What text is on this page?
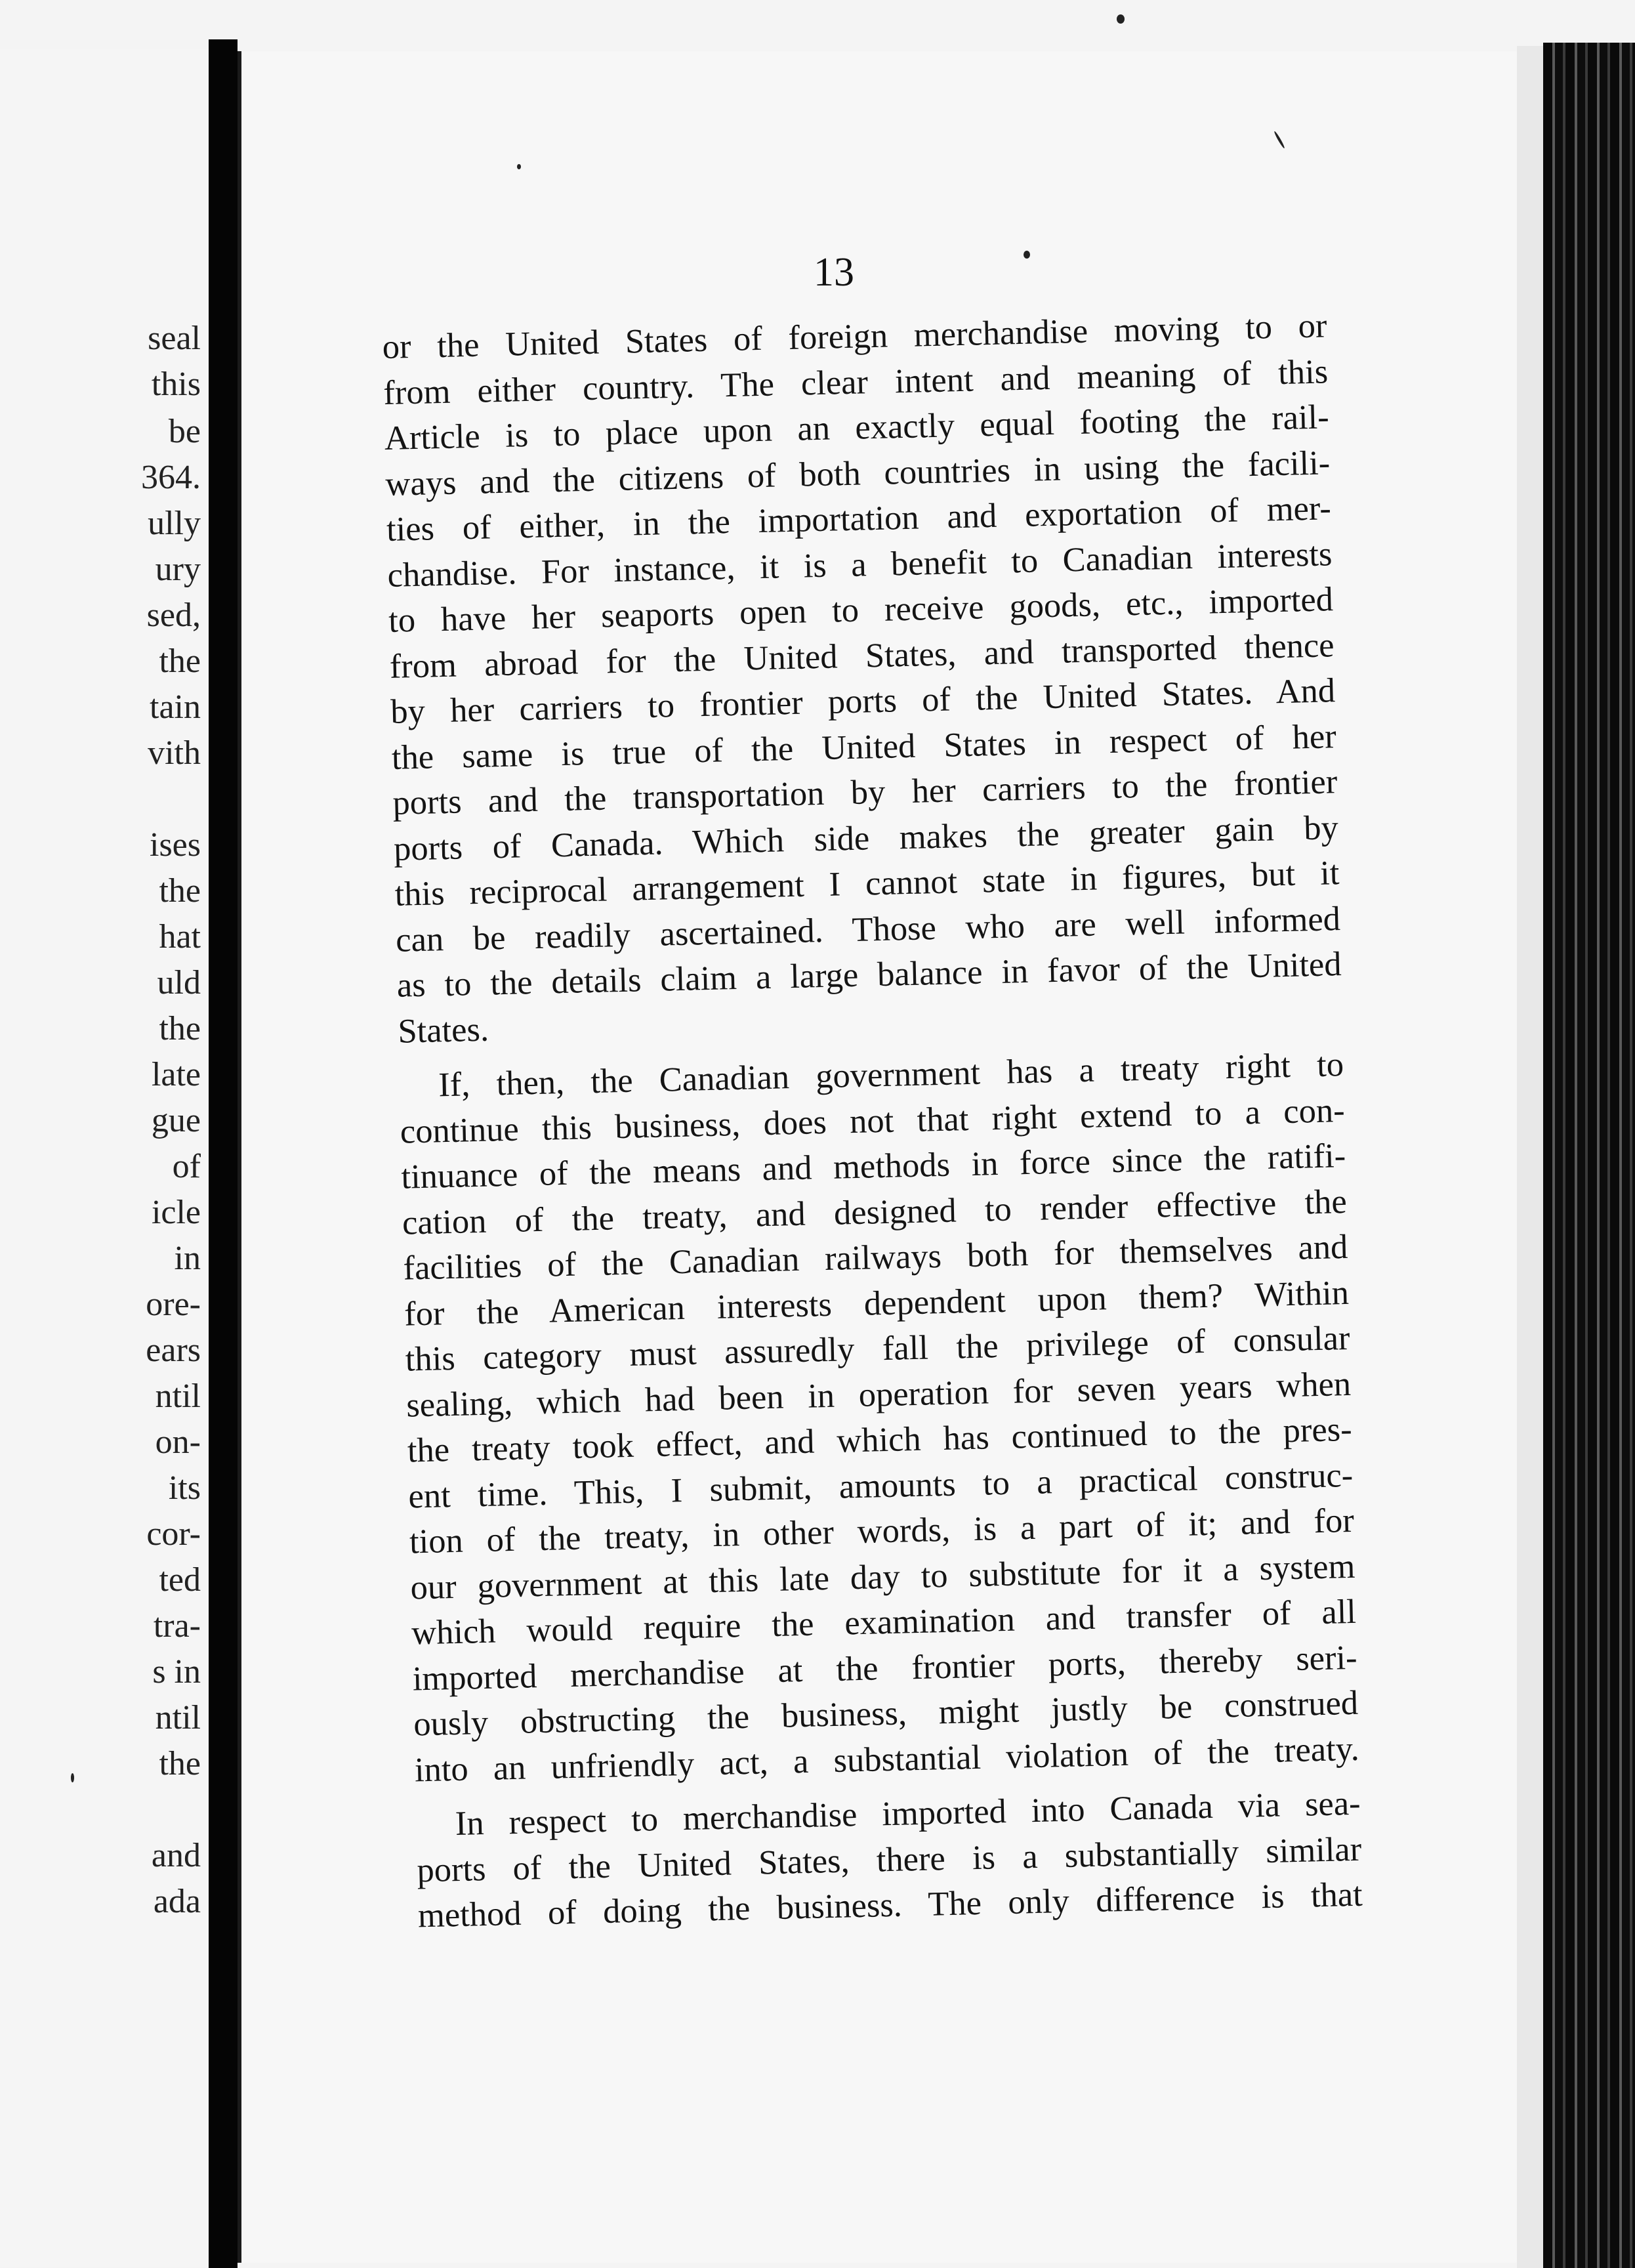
seal
this
be
364.
ully
ury
sed,
the
tain
vith
ises
the
hat
uld
the
late
gue
of
icle
in
ore-
ears
ntil
on-
its
cor-
ted
tra-
s in
ntil
the
and
ada
13
or the United States of foreign merchandise moving to or
from either country. The clear intent and meaning of this
Article is to place upon an exactly equal footing the rail-
ways and the citizens of both countries in using the facili-
ties of either, in the importation and exportation of mer-
chandise. For instance, it is a benefit to Canadian interests
to have her seaports open to receive goods, etc., imported
from abroad for the United States, and transported thence
by her carriers to frontier ports of the United States. And
the same is true of the United States in respect of her
ports and the transportation by her carriers to the frontier
ports of Canada. Which side makes the greater gain by
this reciprocal arrangement I cannot state in figures, but it
can be readily ascertained. Those who are well informed
as to the details claim a large balance in favor of the United
States.
If, then, the Canadian government has a treaty right to
continue this business, does not that right extend to a con-
tinuance of the means and methods in force since the ratifi-
cation of the treaty, and designed to render effective the
facilities of the Canadian railways both for themselves and
for the American interests dependent upon them? Within
this category must assuredly fall the privilege of consular
sealing, which had been in operation for seven years when
the treaty took effect, and which has continued to the pres-
ent time. This, I submit, amounts to a practical construc-
tion of the treaty, in other words, is a part of it; and for
our government at this late day to substitute for it a system
which would require the examination and transfer of all
imported merchandise at the frontier ports, thereby seri-
ously obstructing the business, might justly be construed
into an unfriendly act, a substantial violation of the treaty.
In respect to merchandise imported into Canada via sea-
ports of the United States, there is a substantially similar
method of doing the business. The only difference is that
